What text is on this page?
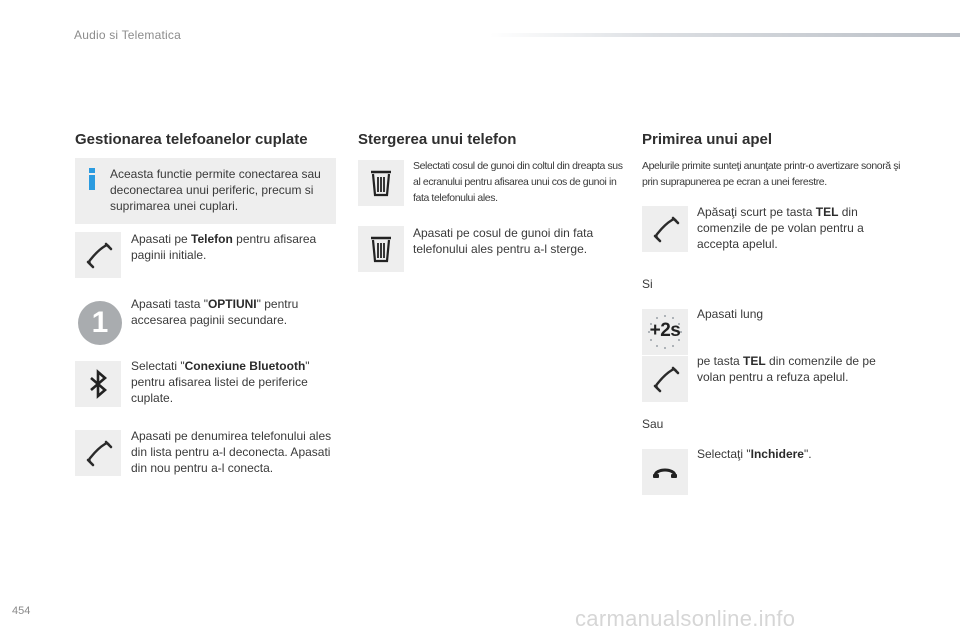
Audio si Telematica
Gestionarea telefoanelor cuplate
Aceasta functie permite conectarea sau deconectarea unui periferic, precum si suprimarea unei cuplari.
Apasati pe Telefon pentru afisarea paginii initiale.
1
Apasati tasta "OPTIUNI" pentru accesarea paginii secundare.
Selectati "Conexiune Bluetooth" pentru afisarea listei de periferice cuplate.
Apasati pe denumirea telefonului ales din lista pentru a-l deconecta. Apasati din nou pentru a-l conecta.
Stergerea unui telefon
Selectati cosul de gunoi din coltul din dreapta sus al ecranului pentru afisarea unui cos de gunoi in fata telefonului ales.
Apasati pe cosul de gunoi din fata telefonului ales pentru a-l sterge.
Primirea unui apel
Apelurile primite sunteţi anunţate printr-o avertizare sonoră şi prin suprapunerea pe ecran a unei ferestre.
Apăsaţi scurt pe tasta TEL din comenzile de pe volan pentru a accepta apelul.
Si
+2s
Apasati lung
pe tasta TEL din comenzile de pe volan pentru a refuza apelul.
Sau
Selectaţi "Inchidere".
454	carmanualsonline.info
